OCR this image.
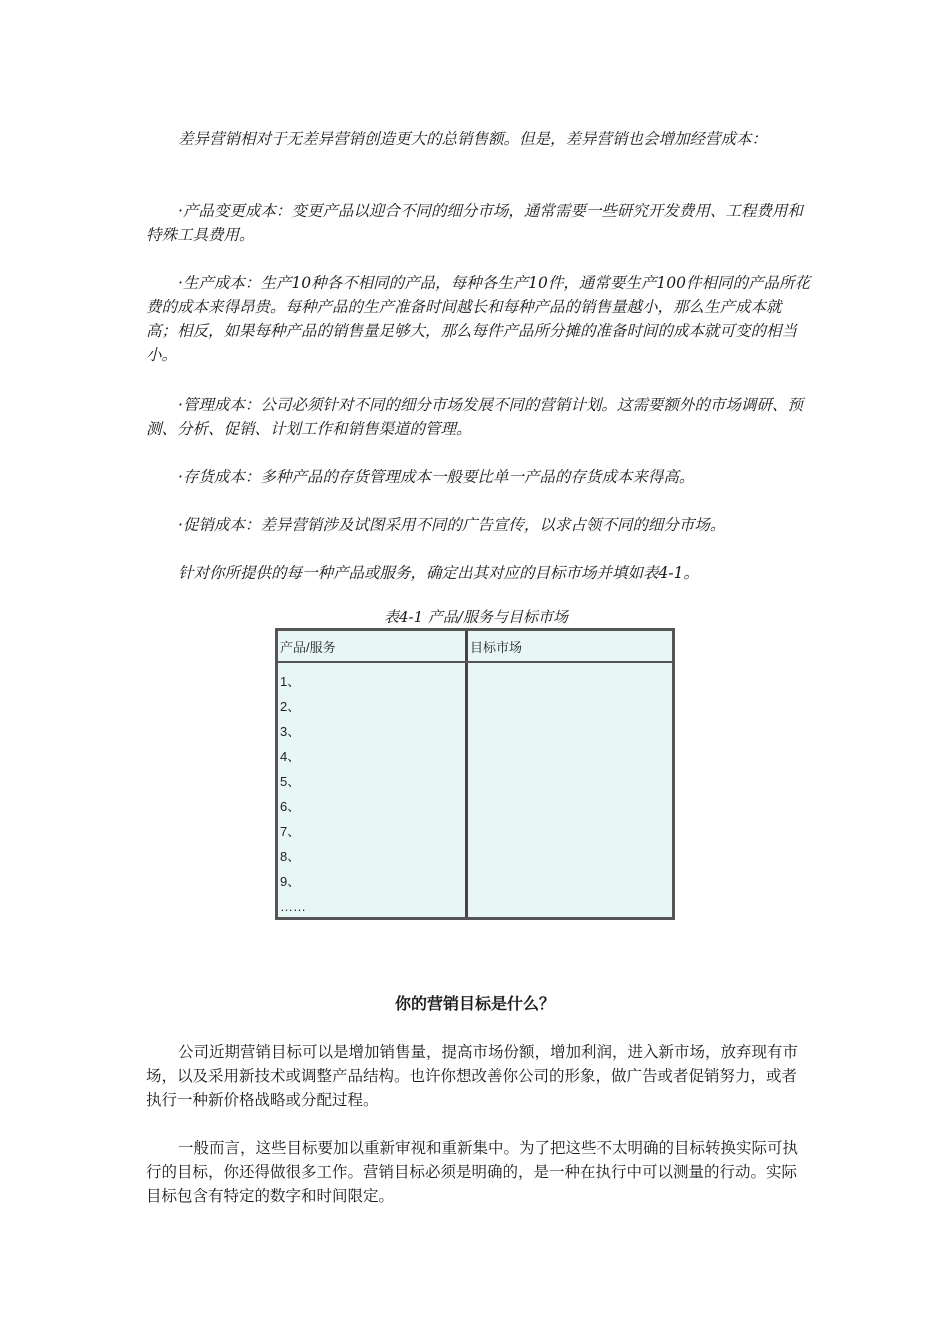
差异营销相对于无差异营销创造更大的总销售额。但是，差异营销也会增加经营成本：

·产品变更成本：变更产品以迎合不同的细分市场，通常需要一些研究开发费用、工程费用和特殊工具费用。

·生产成本：生产10种各不相同的产品，每种各生产10件，通常要生产100件相同的产品所花费的成本来得昂贵。每种产品的生产准备时间越长和每种产品的销售量越小，那么生产成本就高；相反，如果每种产品的销售量足够大，那么每件产品所分摊的准备时间的成本就可变的相当小。

·管理成本：公司必须针对不同的细分市场发展不同的营销计划。这需要额外的市场调研、预测、分析、促销、计划工作和销售渠道的管理。

·存货成本：多种产品的存货管理成本一般要比单一产品的存货成本来得高。

·促销成本：差异营销涉及试图采用不同的广告宣传，以求占领不同的细分市场。

针对你所提供的每一种产品或服务，确定出其对应的目标市场并填如表4-1。

表4-1 产品/服务与目标市场
产品/服务	目标市场
1、
2、
3、
4、
5、
6、
7、
8、
9、
……
你的营销目标是什么？

公司近期营销目标可以是增加销售量，提高市场份额，增加利润，进入新市场，放弃现有市场，以及采用新技术或调整产品结构。也许你想改善你公司的形象，做广告或者促销努力，或者执行一种新价格战略或分配过程。

一般而言，这些目标要加以重新审视和重新集中。为了把这些不太明确的目标转换实际可执行的目标，你还得做很多工作。营销目标必须是明确的，是一种在执行中可以测量的行动。实际目标包含有特定的数字和时间限定。
